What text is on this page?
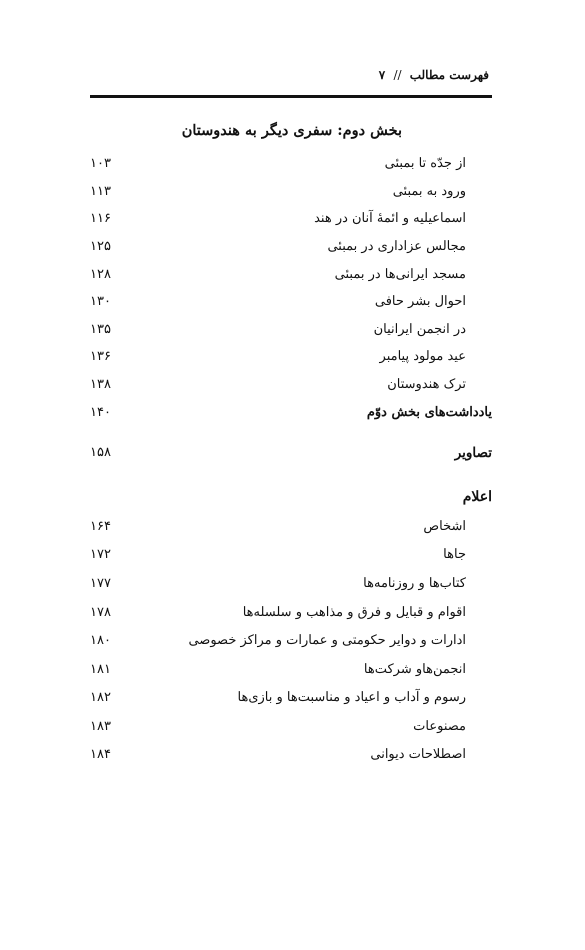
فهرست مطالب // ۷
بخش دوم: سفری دیگر به هندوستان
از جدّه تا بمبئی
۱۰۳
ورود به بمبئی
۱۱۳
اسماعیلیه و ائمهٔ آنان در هند
۱۱۶
مجالس عزاداری در بمبئی
۱۲۵
مسجد ایرانی‌ها در بمبئی
۱۲۸
احوال بشر حافی
۱۳۰
در انجمن ایرانیان
۱۳۵
عید مولود پیامبر
۱۳۶
ترک هندوستان
۱۳۸
یادداشت‌های بخش دوّم
۱۴۰
تصاویر
۱۵۸
اعلام
اشخاص
۱۶۴
جاها
۱۷۲
کتاب‌ها و روزنامه‌ها
۱۷۷
اقوام و قبایل و فرق و مذاهب و سلسله‌ها
۱۷۸
ادارات و دوایر حکومتی و عمارات و مراکز خصوصی
۱۸۰
انجمن‌هاو شرکت‌ها
۱۸۱
رسوم و آداب و اعیاد و مناسبت‌ها و بازی‌ها
۱۸۲
مصنوعات
۱۸۳
اصطلاحات دیوانی
۱۸۴
